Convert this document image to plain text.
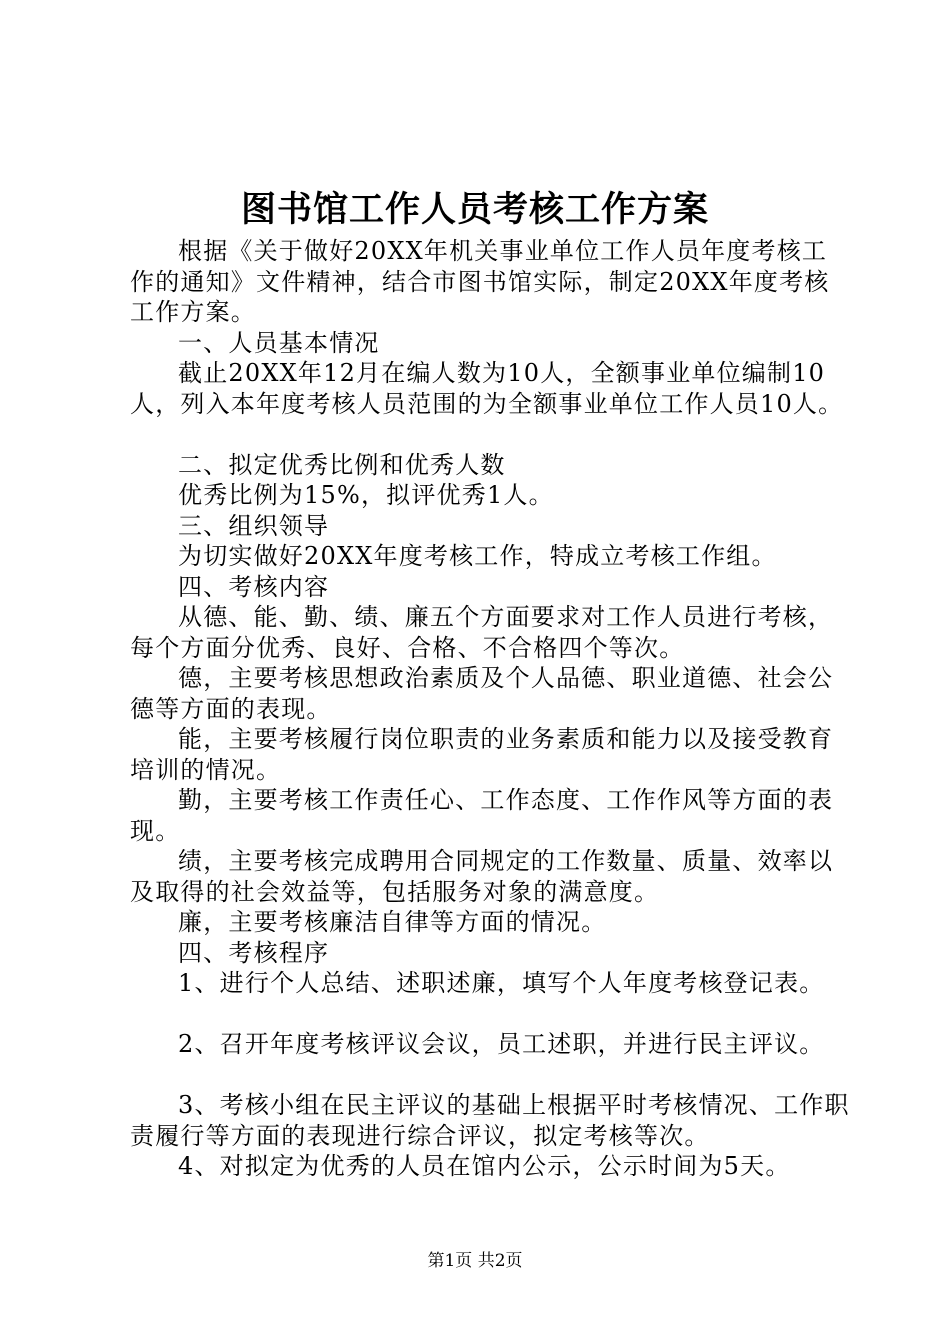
图书馆工作人员考核工作方案

根据《关于做好20XX年机关事业单位工作人员年度考核工作的通知》文件精神，结合市图书馆实际，制定20XX年度考核工作方案。

一、人员基本情况

截止20XX年12月在编人数为10人，全额事业单位编制10人，列入本年度考核人员范围的为全额事业单位工作人员10人。

二、拟定优秀比例和优秀人数

优秀比例为15%，拟评优秀1人。

三、组织领导

为切实做好20XX年度考核工作，特成立考核工作组。

四、考核内容

从德、能、勤、绩、廉五个方面要求对工作人员进行考核，每个方面分优秀、良好、合格、不合格四个等次。

德，主要考核思想政治素质及个人品德、职业道德、社会公德等方面的表现。

能，主要考核履行岗位职责的业务素质和能力以及接受教育培训的情况。

勤，主要考核工作责任心、工作态度、工作作风等方面的表现。

绩，主要考核完成聘用合同规定的工作数量、质量、效率以及取得的社会效益等，包括服务对象的满意度。

廉，主要考核廉洁自律等方面的情况。

四、考核程序

1、进行个人总结、述职述廉，填写个人年度考核登记表。

2、召开年度考核评议会议，员工述职，并进行民主评议。

3、考核小组在民主评议的基础上根据平时考核情况、工作职责履行等方面的表现进行综合评议，拟定考核等次。

4、对拟定为优秀的人员在馆内公示，公示时间为5天。

第1页 共2页
